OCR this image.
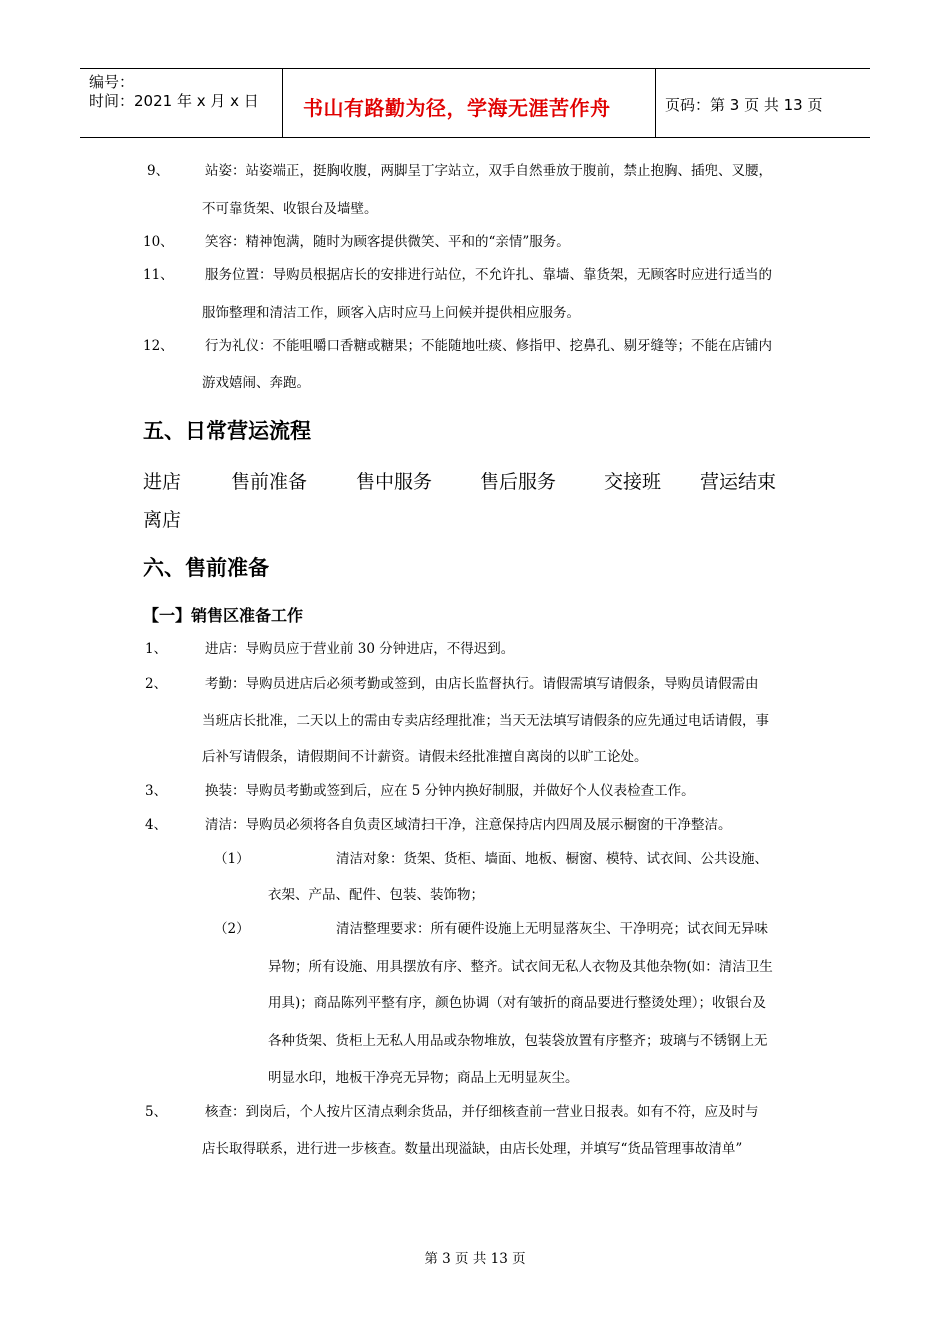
编号：
时间：2021 年 x 月 x 日 书山有路勤为径，学海无涯苦作舟	页码：第 3 页 共 13 页
9、	站姿：站姿端正，挺胸收腹，两脚呈丁字站立，双手自然垂放于腹前，禁止抱胸、插兜、叉腰，
不可靠货架、收银台及墙壁。
10、 笑容：精神饱满，随时为顾客提供微笑、平和的“亲情”服务。
11、 服务位置：导购员根据店长的安排进行站位，不允许扎、靠墙、靠货架，无顾客时应进行适当的
服饰整理和清洁工作，顾客入店时应马上问候并提供相应服务。
12、 行为礼仪：不能咀嚼口香糖或糖果；不能随地吐痰、修指甲、挖鼻孔、剔牙缝等；不能在店铺内
游戏嬉闹、奔跑。
五、日常营运流程
进店	售前准备	售中服务	售后服务	交接班 营运结束
离店
六、售前准备
【一】销售区准备工作
1、	进店：导购员应于营业前 30 分钟进店，不得迟到。
2、	考勤：导购员进店后必须考勤或签到，由店长监督执行。请假需填写请假条，导购员请假需由
当班店长批准，二天以上的需由专卖店经理批准；当天无法填写请假条的应先通过电话请假，事
后补写请假条，请假期间不计薪资。请假未经批准擅自离岗的以旷工论处。
3、	换装：导购员考勤或签到后，应在 5 分钟内换好制服，并做好个人仪表检查工作。
4、	清洁：导购员必须将各自负责区域清扫干净，注意保持店内四周及展示橱窗的干净整洁。
（1）	清洁对象：货架、货柜、墙面、地板、橱窗、模特、试衣间、公共设施、
衣架、产品、配件、包装、装饰物；
（2）	清洁整理要求：所有硬件设施上无明显落灰尘、干净明亮；试衣间无异味
异物；所有设施、用具摆放有序、整齐。试衣间无私人衣物及其他杂物(如：清洁卫生
用具)；商品陈列平整有序，颜色协调（对有皱折的商品要进行整烫处理）；收银台及
各种货架、货柜上无私人用品或杂物堆放，包装袋放置有序整齐；玻璃与不锈钢上无
明显水印，地板干净亮无异物；商品上无明显灰尘。
5、	核查：到岗后，个人按片区清点剩余货品，并仔细核查前一营业日报表。如有不符，应及时与
店长取得联系，进行进一步核查。数量出现溢缺，由店长处理，并填写“货品管理事故清单”
第 3 页 共 13 页
